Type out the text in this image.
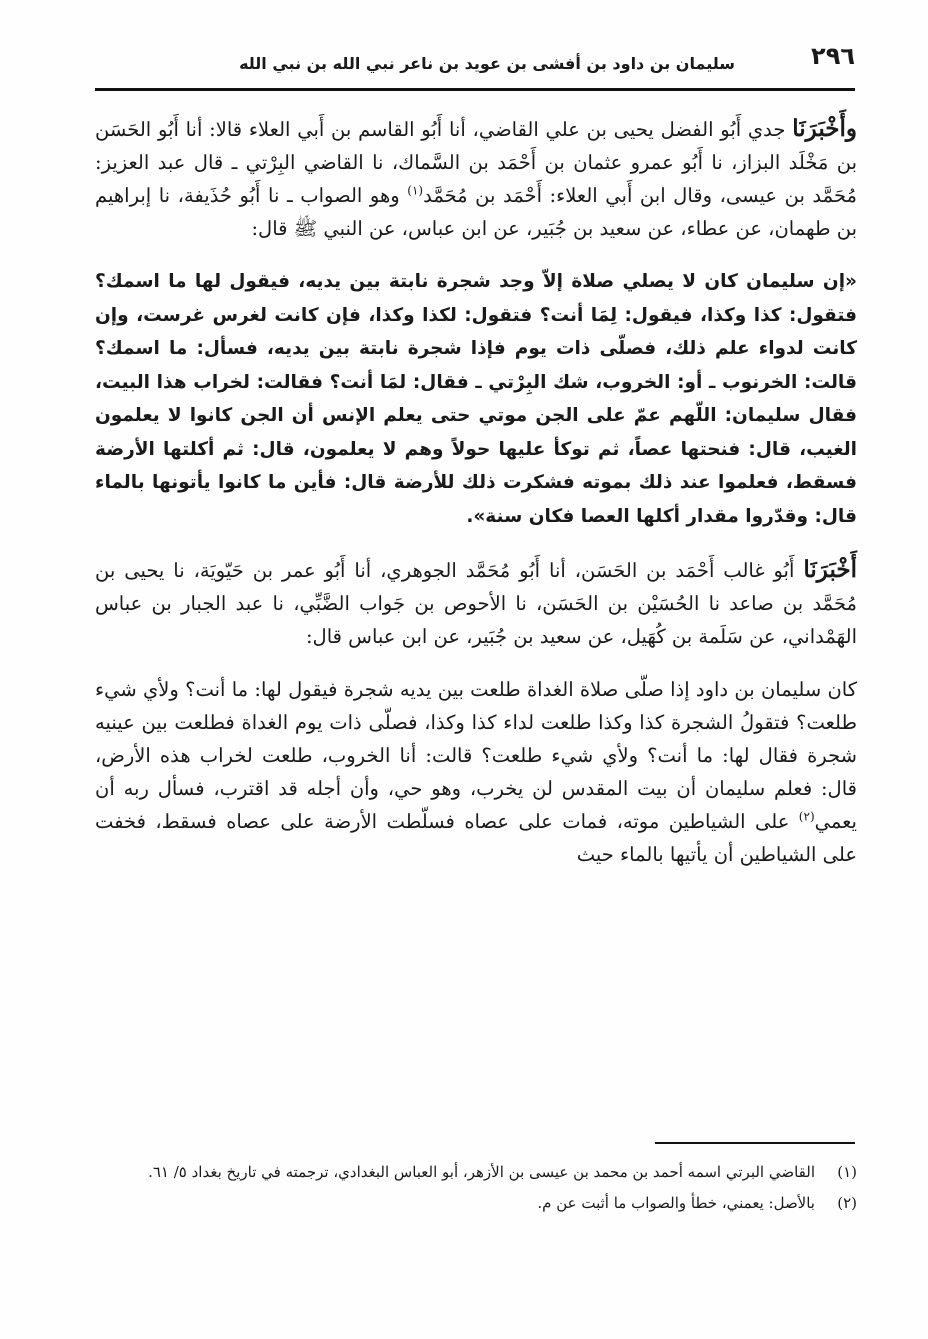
٢٩٦
سليمان بن داود بن أفشى بن عويد بن ناعر نبي الله بن نبي الله

وأَخْبَرَنَا جدي أَبُو الفضل يحيى بن علي القاضي، أنا أَبُو القاسم بن أَبي العلاء قالا: أنا أَبُو الحَسَن بن مَخْلَد البزاز، نا أَبُو عمرو عثمان بن أَحْمَد بن السَّماك، نا القاضي البِرْتي ـ قال عبد العزيز: مُحَمَّد بن عيسى، وقال ابن أَبي العلاء: أَحْمَد بن مُحَمَّد$^{(١)}$ وهو الصواب ـ نا أَبُو حُذَيفة، نا إبراهيم بن طهمان، عن عطاء، عن سعيد بن جُبَير، عن ابن عباس، عن النبي ﷺ قال:

«إن سليمان كان لا يصلي صلاة إلاّ وجد شجرة نابتة بين يديه، فيقول لها ما اسمك؟ فتقول: كذا وكذا، فيقول: لِمَا أنت؟ فتقول: لكذا وكذا، فإن كانت لغرس غرست، وإن كانت لدواء علم ذلك، فصلّى ذات يوم فإذا شجرة نابتة بين يديه، فسأل: ما اسمك؟ قالت: الخرنوب ـ أو: الخروب، شك البِرْتي ـ فقال: لمَا أنت؟ فقالت: لخراب هذا البيت، فقال سليمان: اللّهم عمّ على الجن موتي حتى يعلم الإنس أن الجن كانوا لا يعلمون الغيب، قال: فنحتها عصاً، ثم توكأ عليها حولاً وهم لا يعلمون، قال: ثم أكلتها الأرضة فسقط، فعلموا عند ذلك بموته فشكرت ذلك للأرضة قال: فأين ما كانوا يأتونها بالماء قال: وقدّروا مقدار أكلها العصا فكان سنة».

أَخْبَرَنَا أَبُو غالب أَحْمَد بن الحَسَن، أنا أَبُو مُحَمَّد الجوهري، أنا أَبُو عمر بن حَيّويَة، نا يحيى بن مُحَمَّد بن صاعد نا الحُسَيْن بن الحَسَن، نا الأحوص بن جَواب الضَّبِّي، نا عبد الجبار بن عباس الهَمْداني، عن سَلَمة بن كُهَيل، عن سعيد بن جُبَير، عن ابن عباس قال:

كان سليمان بن داود إذا صلّى صلاة الغداة طلعت بين يديه شجرة فيقول لها: ما أنت؟ ولأي شيء طلعت؟ فتقولُ الشجرة كذا وكذا طلعت لداء كذا وكذا، فصلّى ذات يوم الغداة فطلعت بين عينيه شجرة فقال لها: ما أنت؟ ولأي شيء طلعت؟ قالت: أنا الخروب، طلعت لخراب هذه الأرض، قال: فعلم سليمان أن بيت المقدس لن يخرب، وهو حي، وأن أجله قد اقترب، فسأل ربه أن يعمي$^{(٢)}$ على الشياطين موته، فمات على عصاه فسلّطت الأرضة على عصاه فسقط، فخفت على الشياطين أن يأتيها بالماء حيث

(١)
القاضي البرتي اسمه أحمد بن محمد بن عيسى بن الأزهر، أبو العباس البغدادي، ترجمته في تاريخ بغداد ٥/ ٦١.
(٢)
بالأصل: يعمني، خطأ والصواب ما أثبت عن م.
